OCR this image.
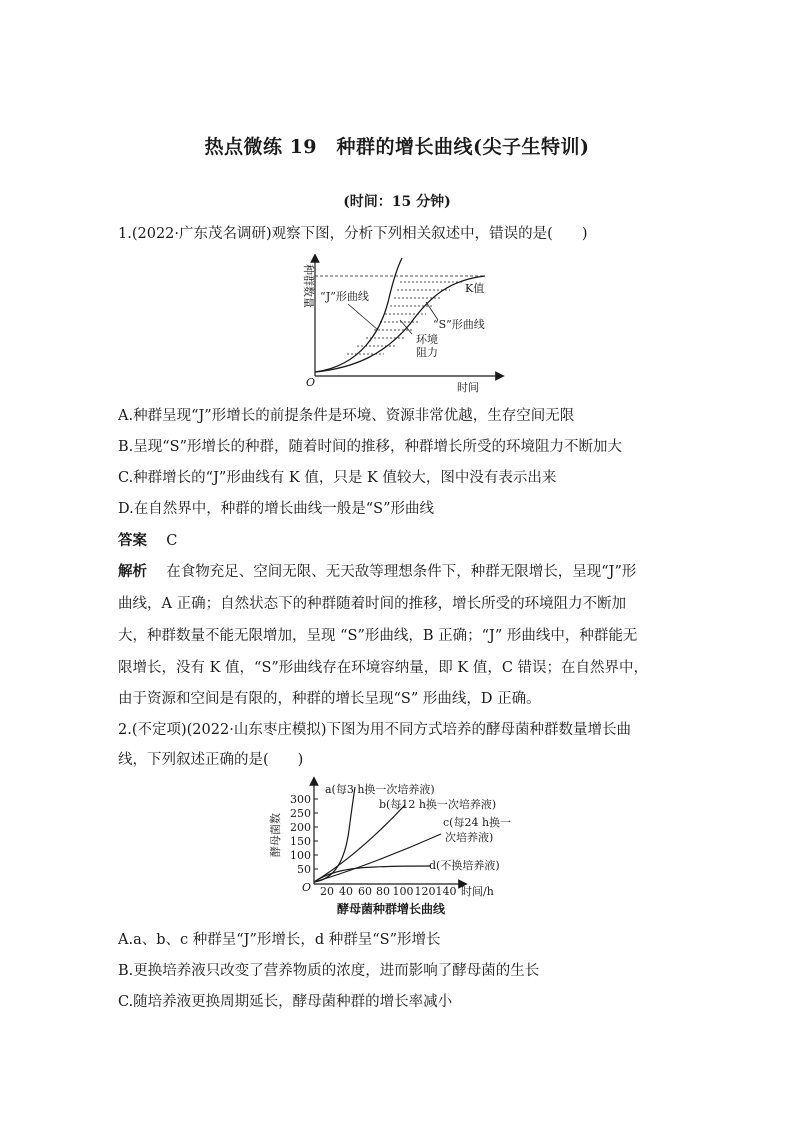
热点微练 19　种群的增长曲线(尖子生特训)
(时间：15 分钟)
1.(2022·广东茂名调研)观察下图，分析下列相关叙述中，错误的是(　　)
种群数量
O	时间
“J”形曲线
K值
“S”形曲线
环境
阻力
A.种群呈现“J”形增长的前提条件是环境、资源非常优越，生存空间无限
B.呈现“S”形增长的种群，随着时间的推移，种群增长所受的环境阻力不断加大
C.种群增长的“J”形曲线有 K 值，只是 K 值较大，图中没有表示出来
D.在自然界中，种群的增长曲线一般是“S”形曲线
答案 C
解析 在食物充足、空间无限、无天敌等理想条件下，种群无限增长，呈现“J”形
曲线，A 正确；自然状态下的种群随着时间的推移，增长所受的环境阻力不断加
大，种群数量不能无限增加，呈现 “S”形曲线，B 正确；“J” 形曲线中，种群能无
限增长，没有 K 值，“S”形曲线存在环境容纳量，即 K 值，C 错误；在自然界中，
由于资源和空间是有限的，种群的增长呈现“S” 形曲线，D 正确。
2.(不定项)(2022·山东枣庄模拟)下图为用不同方式培养的酵母菌种群数量增长曲
线，下列叙述正确的是(　　)
300
250
200
150
100
50
20 40 60 80 100 120 140 时间/h
O
酵母菌数
a(每3 h换一次培养液)
b(每12 h换一次培养液)
c(每24 h换一
次培养液)
d(不换培养液)
酵母菌种群增长曲线
A.a、b、c 种群呈“J”形增长，d 种群呈“S”形增长
B.更换培养液只改变了营养物质的浓度，进而影响了酵母菌的生长
C.随培养液更换周期延长，酵母菌种群的增长率减小
